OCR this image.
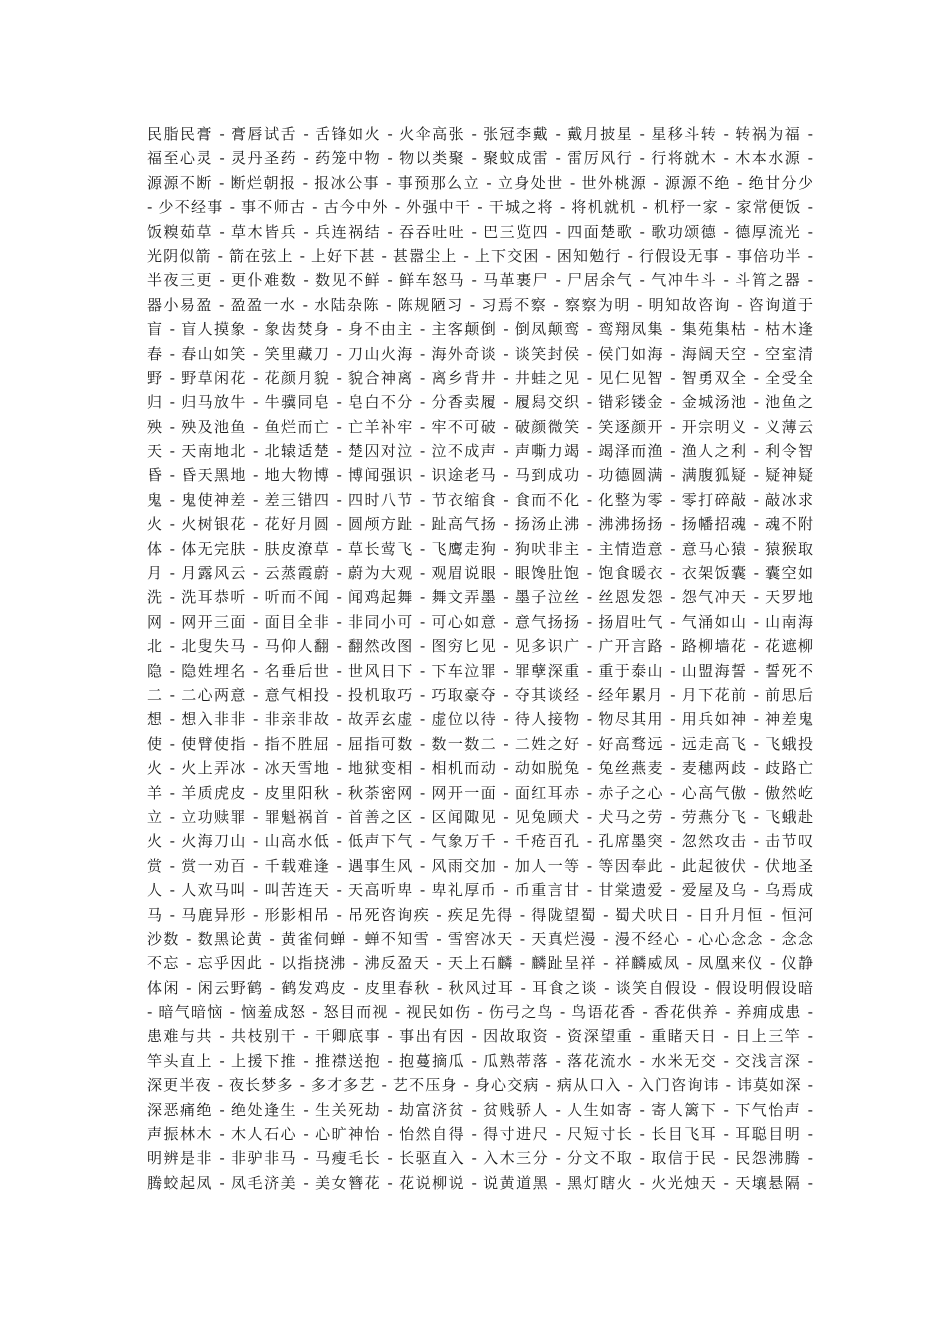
民脂民膏 - 膏唇试舌 - 舌锋如火 - 火伞高张 - 张冠李戴 - 戴月披星 - 星移斗转 - 转祸为福 -
福至心灵 - 灵丹圣药 - 药笼中物 - 物以类聚 - 聚蚊成雷 - 雷厉风行 - 行将就木 - 木本水源 -
源源不断 - 断烂朝报 - 报冰公事 - 事预那么立 - 立身处世 - 世外桃源 - 源源不绝 - 绝甘分少
- 少不经事 - 事不师古 - 古今中外 - 外强中干 - 干城之将 - 将机就机 - 机杼一家 - 家常便饭 -
饭糗茹草 - 草木皆兵 - 兵连祸结 - 吞吞吐吐 - 巴三览四 - 四面楚歌 - 歌功颂德 - 德厚流光 -
光阴似箭 - 箭在弦上 - 上好下甚 - 甚嚣尘上 - 上下交困 - 困知勉行 - 行假设无事 - 事倍功半 -
半夜三更 - 更仆难数 - 数见不鲜 - 鲜车怒马 - 马革裹尸 - 尸居余气 - 气冲牛斗 - 斗筲之器 -
器小易盈 - 盈盈一水 - 水陆杂陈 - 陈规陋习 - 习焉不察 - 察察为明 - 明知故咨询 - 咨询道于
盲 - 盲人摸象 - 象齿焚身 - 身不由主 - 主客颠倒 - 倒凤颠鸾 - 鸾翔凤集 - 集苑集枯 - 枯木逢
春 - 春山如笑 - 笑里藏刀 - 刀山火海 - 海外奇谈 - 谈笑封侯 - 侯门如海 - 海阔天空 - 空室清
野 - 野草闲花 - 花颜月貌 - 貌合神离 - 离乡背井 - 井蛙之见 - 见仁见智 - 智勇双全 - 全受全
归 - 归马放牛 - 牛骥同皂 - 皂白不分 - 分香卖履 - 履舄交织 - 错彩镂金 - 金城汤池 - 池鱼之
殃 - 殃及池鱼 - 鱼烂而亡 - 亡羊补牢 - 牢不可破 - 破颜微笑 - 笑逐颜开 - 开宗明义 - 义薄云
天 - 天南地北 - 北辕适楚 - 楚囚对泣 - 泣不成声 - 声嘶力竭 - 竭泽而渔 - 渔人之利 - 利令智
昏 - 昏天黑地 - 地大物博 - 博闻强识 - 识途老马 - 马到成功 - 功德圆满 - 满腹狐疑 - 疑神疑
鬼 - 鬼使神差 - 差三错四 - 四时八节 - 节衣缩食 - 食而不化 - 化整为零 - 零打碎敲 - 敲冰求
火 - 火树银花 - 花好月圆 - 圆颅方趾 - 趾高气扬 - 扬汤止沸 - 沸沸扬扬 - 扬幡招魂 - 魂不附
体 - 体无完肤 - 肤皮潦草 - 草长莺飞 - 飞鹰走狗 - 狗吠非主 - 主情造意 - 意马心猿 - 猿猴取
月 - 月露风云 - 云蒸霞蔚 - 蔚为大观 - 观眉说眼 - 眼馋肚饱 - 饱食暖衣 - 衣架饭囊 - 囊空如
洗 - 洗耳恭听 - 听而不闻 - 闻鸡起舞 - 舞文弄墨 - 墨子泣丝 - 丝恩发怨 - 怨气冲天 - 天罗地
网 - 网开三面 - 面目全非 - 非同小可 - 可心如意 - 意气扬扬 - 扬眉吐气 - 气涌如山 - 山南海
北 - 北叟失马 - 马仰人翻 - 翻然改图 - 图穷匕见 - 见多识广 - 广开言路 - 路柳墙花 - 花遮柳
隐 - 隐姓埋名 - 名垂后世 - 世风日下 - 下车泣罪 - 罪孽深重 - 重于泰山 - 山盟海誓 - 誓死不
二 - 二心两意 - 意气相投 - 投机取巧 - 巧取豪夺 - 夺其谈经 - 经年累月 - 月下花前 - 前思后
想 - 想入非非 - 非亲非故 - 故弄玄虚 - 虚位以待 - 待人接物 - 物尽其用 - 用兵如神 - 神差鬼
使 - 使臂使指 - 指不胜屈 - 屈指可数 - 数一数二 - 二姓之好 - 好高骛远 - 远走高飞 - 飞蛾投
火 - 火上弄冰 - 冰天雪地 - 地狱变相 - 相机而动 - 动如脱兔 - 兔丝燕麦 - 麦穗两歧 - 歧路亡
羊 - 羊质虎皮 - 皮里阳秋 - 秋荼密网 - 网开一面 - 面红耳赤 - 赤子之心 - 心高气傲 - 傲然屹
立 - 立功赎罪 - 罪魁祸首 - 首善之区 - 区闻陬见 - 见兔顾犬 - 犬马之劳 - 劳燕分飞 - 飞蛾赴
火 - 火海刀山 - 山高水低 - 低声下气 - 气象万千 - 千疮百孔 - 孔席墨突 - 忽然攻击 - 击节叹
赏 - 赏一劝百 - 千载难逢 - 遇事生风 - 风雨交加 - 加人一等 - 等因奉此 - 此起彼伏 - 伏地圣
人 - 人欢马叫 - 叫苦连天 - 天高听卑 - 卑礼厚币 - 币重言甘 - 甘棠遗爱 - 爱屋及乌 - 乌焉成
马 - 马鹿异形 - 形影相吊 - 吊死咨询疾 - 疾足先得 - 得陇望蜀 - 蜀犬吠日 - 日升月恒 - 恒河
沙数 - 数黑论黄 - 黄雀伺蝉 - 蝉不知雪 - 雪窖冰天 - 天真烂漫 - 漫不经心 - 心心念念 - 念念
不忘 - 忘乎因此 - 以指挠沸 - 沸反盈天 - 天上石麟 - 麟趾呈祥 - 祥麟威凤 - 凤凰来仪 - 仪静
体闲 - 闲云野鹤 - 鹤发鸡皮 - 皮里春秋 - 秋风过耳 - 耳食之谈 - 谈笑自假设 - 假设明假设暗
- 暗气暗恼 - 恼羞成怒 - 怒目而视 - 视民如伤 - 伤弓之鸟 - 鸟语花香 - 香花供养 - 养痈成患 -
患难与共 - 共枝别干 - 干卿底事 - 事出有因 - 因故取资 - 资深望重 - 重睹天日 - 日上三竿 -
竿头直上 - 上援下推 - 推襟送抱 - 抱蔓摘瓜 - 瓜熟蒂落 - 落花流水 - 水米无交 - 交浅言深 -
深更半夜 - 夜长梦多 - 多才多艺 - 艺不压身 - 身心交病 - 病从口入 - 入门咨询讳 - 讳莫如深 -
深恶痛绝 - 绝处逢生 - 生关死劫 - 劫富济贫 - 贫贱骄人 - 人生如寄 - 寄人篱下 - 下气怡声 -
声振林木 - 木人石心 - 心旷神怡 - 怡然自得 - 得寸进尺 - 尺短寸长 - 长目飞耳 - 耳聪目明 -
明辨是非 - 非驴非马 - 马瘦毛长 - 长驱直入 - 入木三分 - 分文不取 - 取信于民 - 民怨沸腾 -
腾蛟起凤 - 凤毛济美 - 美女簪花 - 花说柳说 - 说黄道黑 - 黑灯瞎火 - 火光烛天 - 天壤悬隔 -
